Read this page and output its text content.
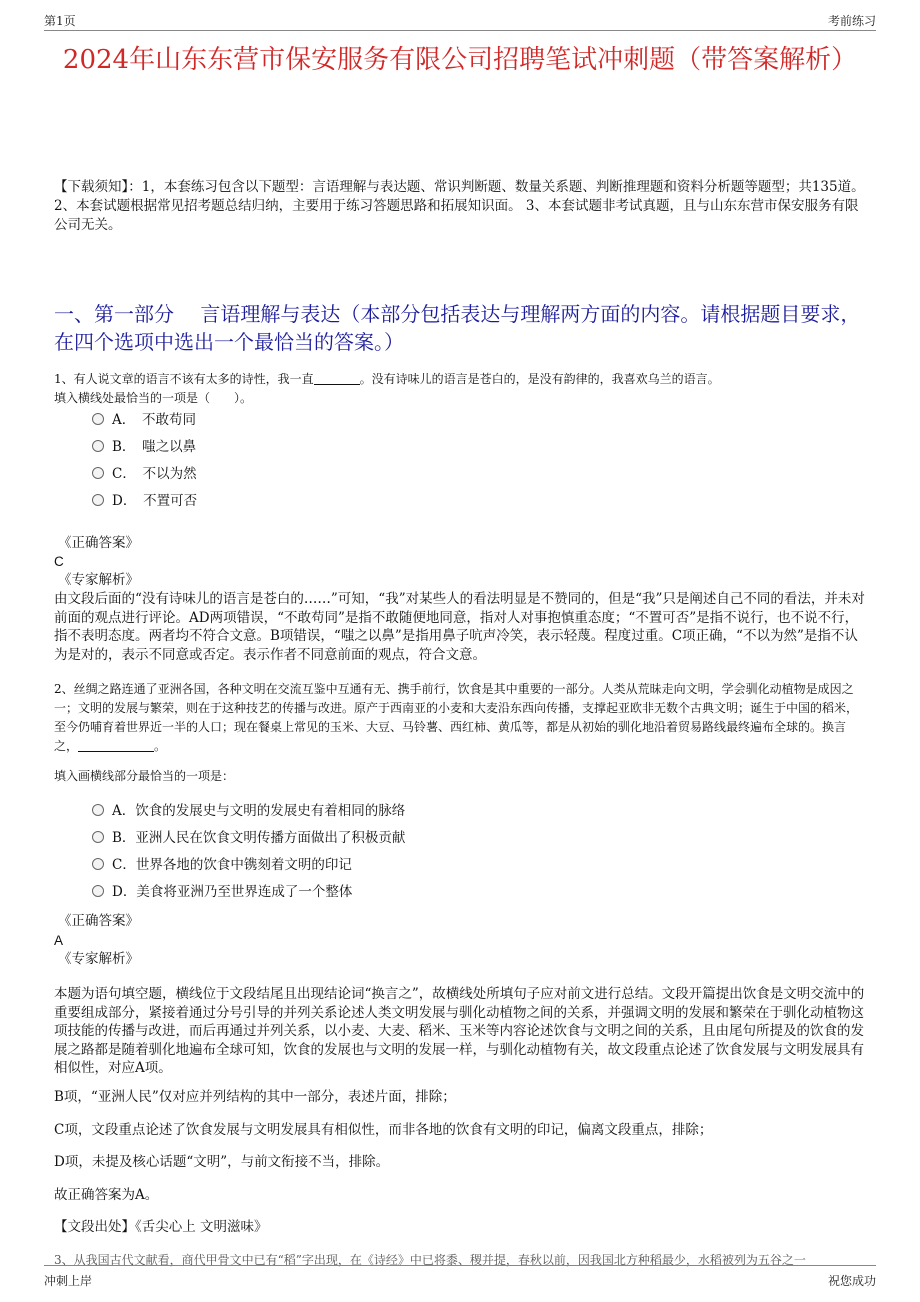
第1页	考前练习
2024年山东东营市保安服务有限公司招聘笔试冲刺题（带答案解析）
【下载须知】：1，本套练习包含以下题型：言语理解与表达题、常识判断题、数量关系题、判断推理题和资料分析题等题型；共135道。 2、本套试题根据常见招考题总结归纳，主要用于练习答题思路和拓展知识面。 3、本套试题非考试真题，且与山东东营市保安服务有限公司无关。
一、第一部分　 言语理解与表达（本部分包括表达与理解两方面的内容。请根据题目要求，在四个选项中选出一个最恰当的答案。）
1、有人说文章的语言不该有太多的诗性，我一直	。没有诗味儿的语言是苍白的，是没有韵律的，我喜欢乌兰的语言。
填入横线处最恰当的一项是（　　）。
A．　不敢苟同
B．　嗤之以鼻
C．　不以为然
D．　不置可否
《正确答案》
C
《专家解析》
由文段后面的“没有诗味儿的语言是苍白的……”可知，“我”对某些人的看法明显是不赞同的，但是“我”只是阐述自己不同的看法，并未对前面的观点进行评论。AD两项错误，“不敢苟同”是指不敢随便地同意，指对人对事抱慎重态度；“不置可否”是指不说行，也不说不行，指不表明态度。两者均不符合文意。B项错误，“嗤之以鼻”是指用鼻子吭声冷笑，表示轻蔑。程度过重。C项正确，“不以为然”是指不认为是对的，表示不同意或否定。表示作者不同意前面的观点，符合文意。
2、丝绸之路连通了亚洲各国，各种文明在交流互鉴中互通有无、携手前行，饮食是其中重要的一部分。人类从荒昧走向文明，学会驯化动植物是成因之一；文明的发展与繁荣，则在于这种技艺的传播与改进。原产于西南亚的小麦和大麦沿东西向传播，支撑起亚欧非无数个古典文明；诞生于中国的稻米，至今仍哺育着世界近一半的人口；现在餐桌上常见的玉米、大豆、马铃薯、西红柿、黄瓜等，都是从初始的驯化地沿着贸易路线最终遍布全球的。换言之，	。
填入画横线部分最恰当的一项是：
A．饮食的发展史与文明的发展史有着相同的脉络
B．亚洲人民在饮食文明传播方面做出了积极贡献
C．世界各地的饮食中镌刻着文明的印记
D．美食将亚洲乃至世界连成了一个整体
《正确答案》
A
《专家解析》
本题为语句填空题，横线位于文段结尾且出现结论词“换言之”，故横线处所填句子应对前文进行总结。文段开篇提出饮食是文明交流中的重要组成部分，紧接着通过分号引导的并列关系论述人类文明发展与驯化动植物之间的关系，并强调文明的发展和繁荣在于驯化动植物这项技能的传播与改进，而后再通过并列关系，以小麦、大麦、稻米、玉米等内容论述饮食与文明之间的关系，且由尾句所提及的饮食的发展之路都是随着驯化地遍布全球可知，饮食的发展也与文明的发展一样，与驯化动植物有关，故文段重点论述了饮食发展与文明发展具有相似性，对应A项。
B项，“亚洲人民”仅对应并列结构的其中一部分，表述片面，排除；
C项，文段重点论述了饮食发展与文明发展具有相似性，而非各地的饮食有文明的印记，偏离文段重点，排除；
D项，未提及核心话题“文明”，与前文衔接不当，排除。
故正确答案为A。
【文段出处】《舌尖心上 文明滋味》
3、从我国古代文献看，商代甲骨文中已有“稻”字出现，在《诗经》中已将黍、稷并提，春秋以前，因我国北方种稻最少，水稻被列为五谷之一
冲刺上岸	祝您成功
